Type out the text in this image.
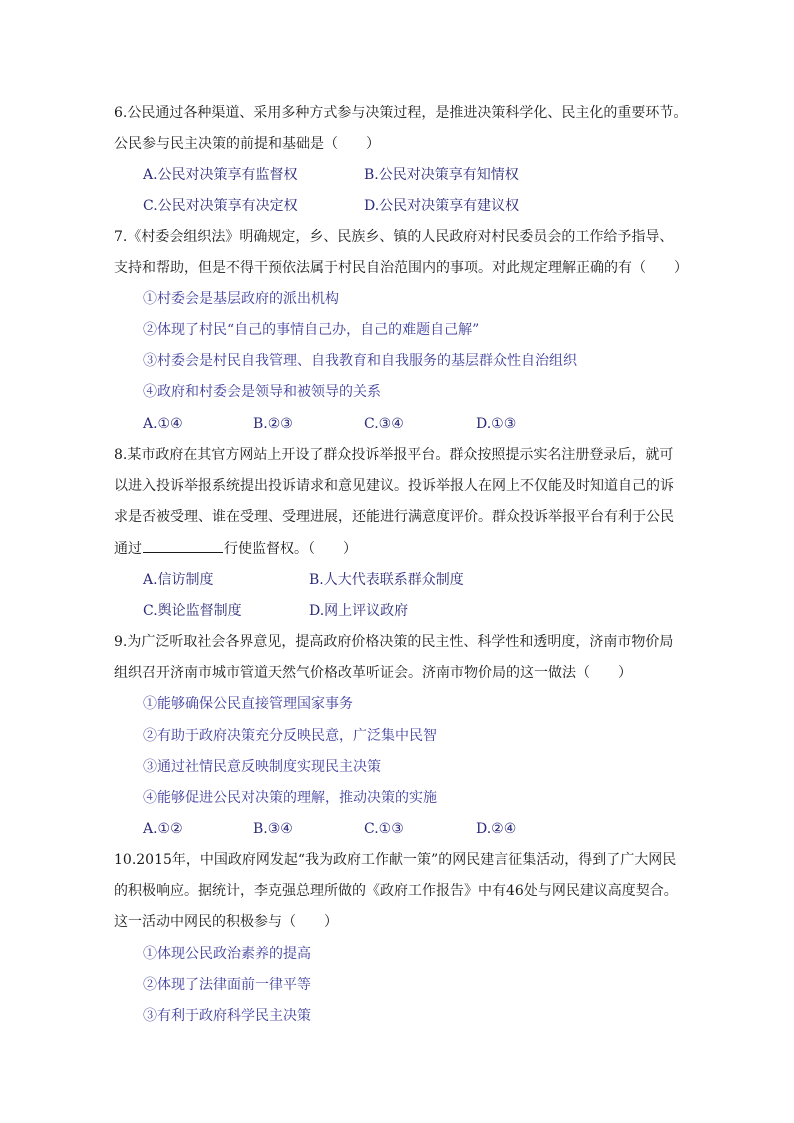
6.公民通过各种渠道、采用多种方式参与决策过程，是推进决策科学化、民主化的重要环节。
公民参与民主决策的前提和基础是（　　）
A.公民对决策享有监督权	B.公民对决策享有知情权
C.公民对决策享有决定权	D.公民对决策享有建议权
7.《村委会组织法》明确规定，乡、民族乡、镇的人民政府对村民委员会的工作给予指导、
支持和帮助，但是不得干预依法属于村民自治范围内的事项。对此规定理解正确的有（　　）
①村委会是基层政府的派出机构
②体现了村民“自己的事情自己办，自己的难题自己解”
③村委会是村民自我管理、自我教育和自我服务的基层群众性自治组织
④政府和村委会是领导和被领导的关系
A.①④	B.②③	C.③④	D.①③
8.某市政府在其官方网站上开设了群众投诉举报平台。群众按照提示实名注册登录后，就可
以进入投诉举报系统提出投诉请求和意见建议。投诉举报人在网上不仅能及时知道自己的诉
求是否被受理、谁在受理、受理进展，还能进行满意度评价。群众投诉举报平台有利于公民
通过	行使监督权。（　　）
A.信访制度	B.人大代表联系群众制度
C.舆论监督制度	D.网上评议政府
9.为广泛听取社会各界意见，提高政府价格决策的民主性、科学性和透明度，济南市物价局
组织召开济南市城市管道天然气价格改革听证会。济南市物价局的这一做法（　　）
①能够确保公民直接管理国家事务
②有助于政府决策充分反映民意，广泛集中民智
③通过社情民意反映制度实现民主决策
④能够促进公民对决策的理解，推动决策的实施
A.①②	B.③④	C.①③	D.②④
10.2015年，中国政府网发起“我为政府工作献一策”的网民建言征集活动，得到了广大网民
的积极响应。据统计，李克强总理所做的《政府工作报告》中有46处与网民建议高度契合。
这一活动中网民的积极参与（　　）
①体现公民政治素养的提高
②体现了法律面前一律平等
③有利于政府科学民主决策
